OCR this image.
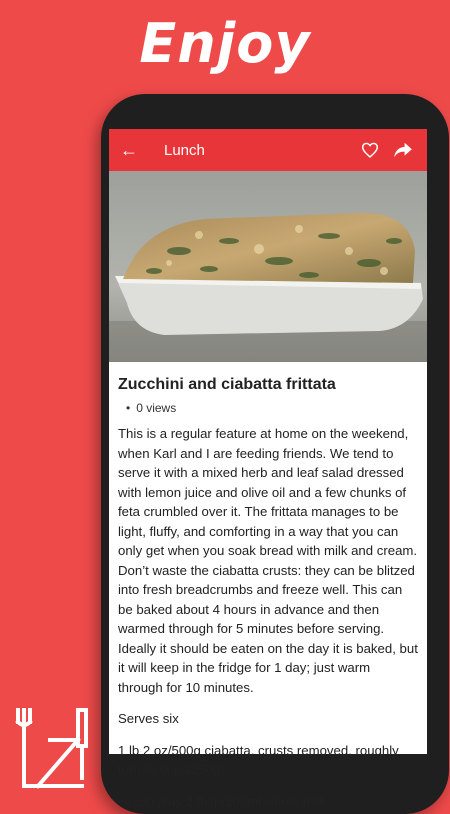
Enjoy
←	Lunch
Zucchini and ciabatta frittata
• 0 views

This is a regular feature at home on the weekend, when Karl and I are feeding friends. We tend to serve it with a mixed herb and leaf salad dressed with lemon juice and olive oil and a few chunks of feta crumbled over it. The frittata manages to be light, fluffy, and comforting in a way that you can only get when you soak bread with milk and cream. Don’t waste the ciabatta crusts: they can be blitzed into fresh breadcrumbs and freeze well. This can be baked about 4 hours in advance and then warmed through for 5 minutes before serving. Ideally it should be eaten on the day it is baked, but it will keep in the fridge for 1 day; just warm through for 10 minutes.

Serves six

1 lb 2 oz/500g ciabatta, crusts removed, roughly torn (6 cups/250g)

¾ cup plus 2 tbsp/200ml whole milk
